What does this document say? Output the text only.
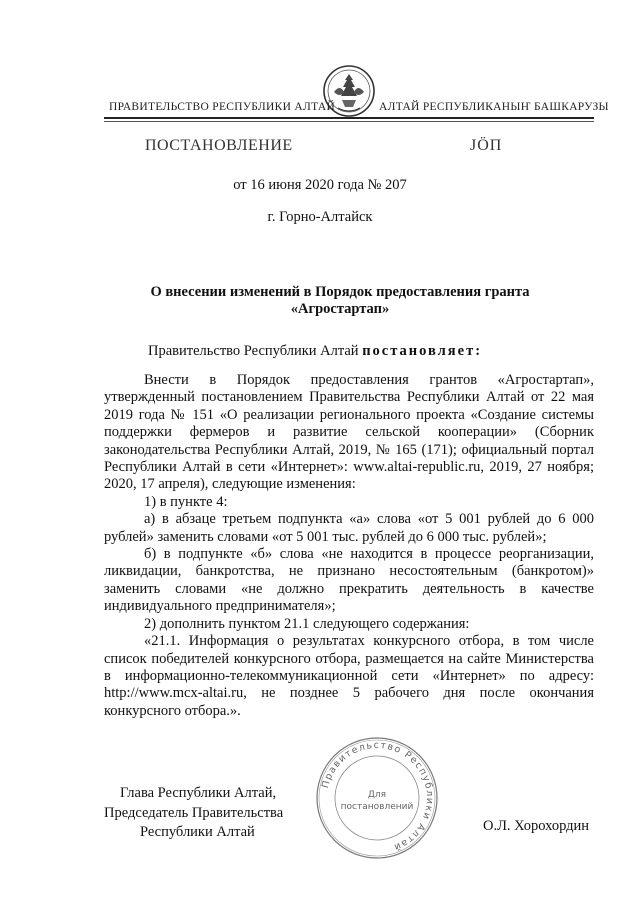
ПРАВИТЕЛЬСТВО РЕСПУБЛИКИ АЛТАЙ	АЛТАЙ РЕСПУБЛИКАНЫҤ БАШКАРУЗЫ
ПОСТАНОВЛЕНИЕ	JӦП
от 16 июня 2020 года № 207
г. Горно-Алтайск
О внесении изменений в Порядок предоставления гранта
«Агростартап»
Правительство Республики Алтай постановляет:

Внести в Порядок предоставления грантов «Агростартап», утвержденный постановлением Правительства Республики Алтай от 22 мая 2019 года № 151 «О реализации регионального проекта «Создание системы поддержки фермеров и развитие сельской кооперации» (Сборник законодательства Республики Алтай, 2019, № 165 (171); официальный портал Республики Алтай в сети «Интернет»: www.altai-republic.ru, 2019, 27 ноября; 2020, 17 апреля), следующие изменения:

1) в пункте 4:

а) в абзаце третьем подпункта «а» слова «от 5 001 рублей до 6 000 рублей» заменить словами «от 5 001 тыс. рублей до 6 000 тыс. рублей»;

б) в подпункте «б» слова «не находится в процессе реорганизации, ликвидации, банкротства, не признано несостоятельным (банкротом)» заменить словами «не должно прекратить деятельность в качестве индивидуального предпринимателя»;

2) дополнить пунктом 21.1 следующего содержания:

«21.1. Информация о результатах конкурсного отбора, в том числе список победителей конкурсного отбора, размещается на сайте Министерства в информационно-телекоммуникационной сети «Интернет» по адресу: http://www.mcx-altai.ru, не позднее 5 рабочего дня после окончания конкурсного отбора.».

Глава Республики Алтай,
Председатель Правительства
Республики Алтай
Правительство Республики Алтай
Для
постановлений
О.Л. Хорохордин
